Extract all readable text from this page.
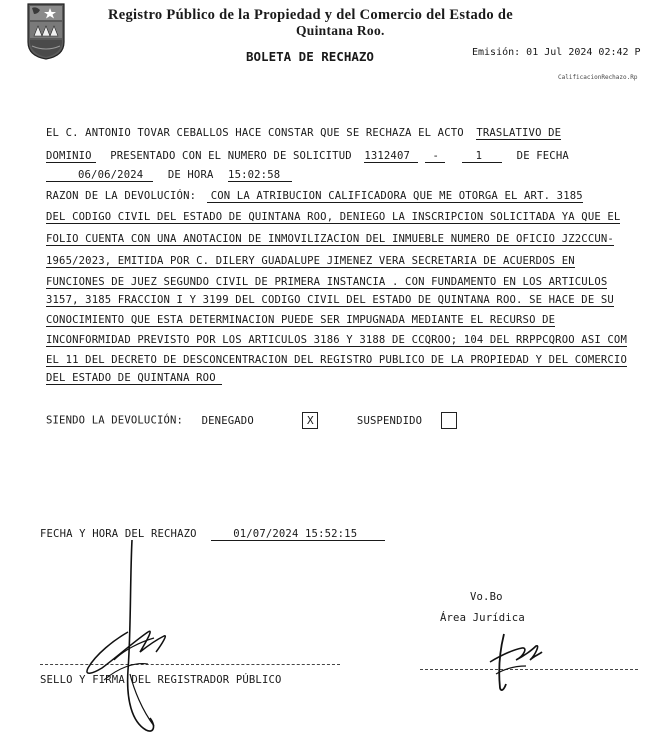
Registro Público de la Propiedad y del Comercio del Estado de
Quintana Roo.
BOLETA DE RECHAZO	Emisión: 01 Jul 2024 02:42 P
CalificacionRechazo.Rp
EL C. ANTONIO TOVAR CEBALLOS HACE CONSTAR QUE SE RECHAZA EL ACTO TRASLATIVO DE
DOMINIO PRESENTADO CON EL NUMERO DE SOLICITUD 1312407 -	1	DE FECHA
06/06/2024 DE HORA 15:02:58
RAZON DE LA DEVOLUCIÓN: CON LA ATRIBUCION CALIFICADORA QUE ME OTORGA EL ART. 3185
DEL CODIGO CIVIL DEL ESTADO DE QUINTANA ROO, DENIEGO LA INSCRIPCION SOLICITADA YA QUE EL
FOLIO CUENTA CON UNA ANOTACION DE INMOVILIZACION DEL INMUEBLE NUMERO DE OFICIO JZ2CCUN-
1965/2023, EMITIDA POR C. DILERY GUADALUPE JIMENEZ VERA SECRETARIA DE ACUERDOS EN
FUNCIONES DE JUEZ SEGUNDO CIVIL DE PRIMERA INSTANCIA . CON FUNDAMENTO EN LOS ARTICULOS
3157, 3185 FRACCION I Y 3199 DEL CODIGO CIVIL DEL ESTADO DE QUINTANA ROO. SE HACE DE SU
CONOCIMIENTO QUE ESTA DETERMINACION PUEDE SER IMPUGNADA MEDIANTE EL RECURSO DE
INCONFORMIDAD PREVISTO POR LOS ARTICULOS 3186 Y 3188 DE CCQROO; 104 DEL RRPPCQROO ASI COM
EL 11 DEL DECRETO DE DESCONCENTRACION DEL REGISTRO PUBLICO DE LA PROPIEDAD Y DEL COMERCIO
DEL ESTADO DE QUINTANA ROO
SIENDO LA DEVOLUCIÓN: DENEGADO	X	SUSPENDIDO
FECHA Y HORA DEL RECHAZO	01/07/2024 15:52:15
Vo.Bo
Área Jurídica
SELLO Y FIRMA DEL REGISTRADOR PÚBLICO
